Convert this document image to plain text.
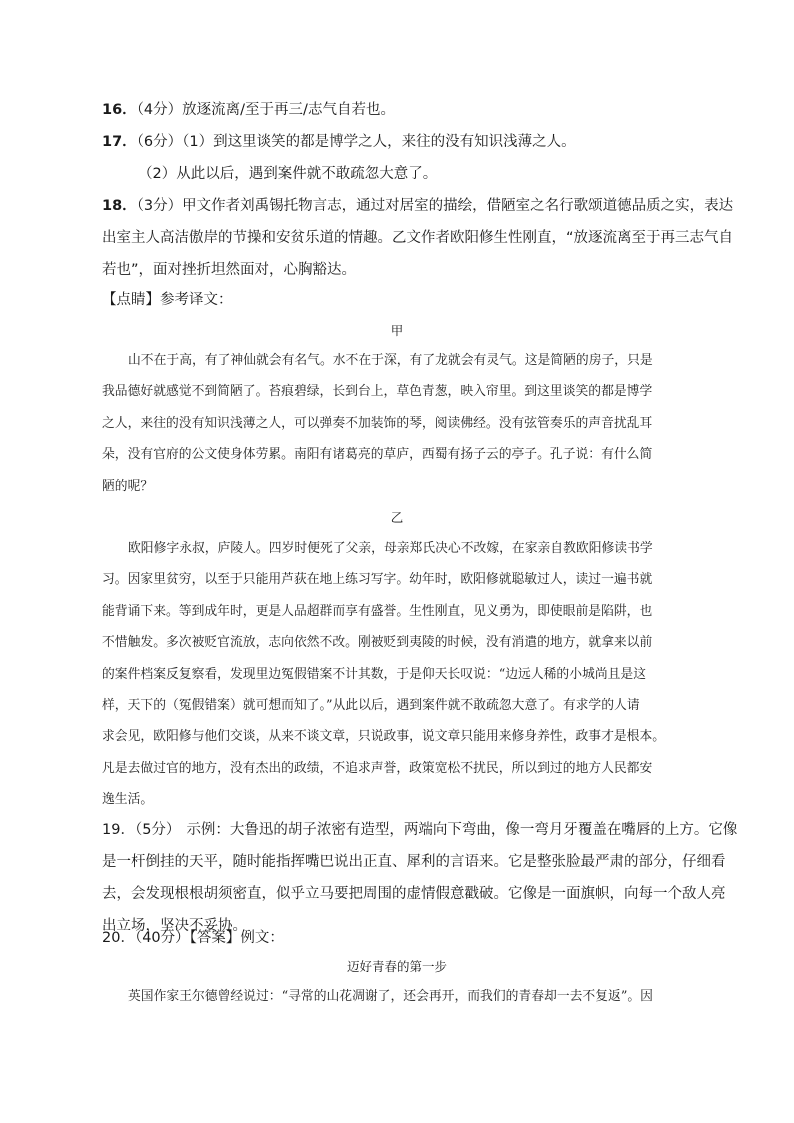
16．（4分）放逐流离/至于再三/志气自若也。
17．（6分）（1）到这里谈笑的都是博学之人，来往的没有知识浅薄之人。
（2）从此以后，遇到案件就不敢疏忽大意了。
18．（3分）甲文作者刘禹锡托物言志，通过对居室的描绘，借陋室之名行歌颂道德品质之实，表达
出室主人高洁傲岸的节操和安贫乐道的情趣。乙文作者欧阳修生性刚直，“放逐流离至于再三志气自
若也”，面对挫折坦然面对，心胸豁达。
【点睛】参考译文：
甲
山不在于高，有了神仙就会有名气。水不在于深，有了龙就会有灵气。这是简陋的房子，只是
我品德好就感觉不到简陋了。苔痕碧绿，长到台上，草色青葱，映入帘里。到这里谈笑的都是博学
之人，来往的没有知识浅薄之人，可以弹奏不加装饰的琴，阅读佛经。没有弦管奏乐的声音扰乱耳
朵，没有官府的公文使身体劳累。南阳有诸葛亮的草庐，西蜀有扬子云的亭子。孔子说：有什么简
陋的呢？
乙
欧阳修字永叔，庐陵人。四岁时便死了父亲，母亲郑氏决心不改嫁，在家亲自教欧阳修读书学
习。因家里贫穷，以至于只能用芦荻在地上练习写字。幼年时，欧阳修就聪敏过人，读过一遍书就
能背诵下来。等到成年时，更是人品超群而享有盛誉。生性刚直，见义勇为，即使眼前是陷阱，也
不惜触发。多次被贬官流放，志向依然不改。刚被贬到夷陵的时候，没有消遣的地方，就拿来以前
的案件档案反复察看，发现里边冤假错案不计其数，于是仰天长叹说：“边远人稀的小城尚且是这
样，天下的（冤假错案）就可想而知了。”从此以后，遇到案件就不敢疏忽大意了。有求学的人请
求会见，欧阳修与他们交谈，从来不谈文章，只说政事，说文章只能用来修身养性，政事才是根本。
凡是去做过官的地方，没有杰出的政绩，不追求声誉，政策宽松不扰民，所以到过的地方人民都安
逸生活。
19．（5分） 示例：大鲁迅的胡子浓密有造型，两端向下弯曲，像一弯月牙覆盖在嘴唇的上方。它像
是一杆倒挂的天平，随时能指挥嘴巴说出正直、犀利的言语来。它是整张脸最严肃的部分，仔细看
去，会发现根根胡须密直，似乎立马要把周围的虚情假意戳破。它像是一面旗帜，向每一个敌人亮
出立场，坚决不妥协。
20．（40分）【答案】例文：
迈好青春的第一步
英国作家王尔德曾经说过：“寻常的山花凋谢了，还会再开，而我们的青春却一去不复返”。因
